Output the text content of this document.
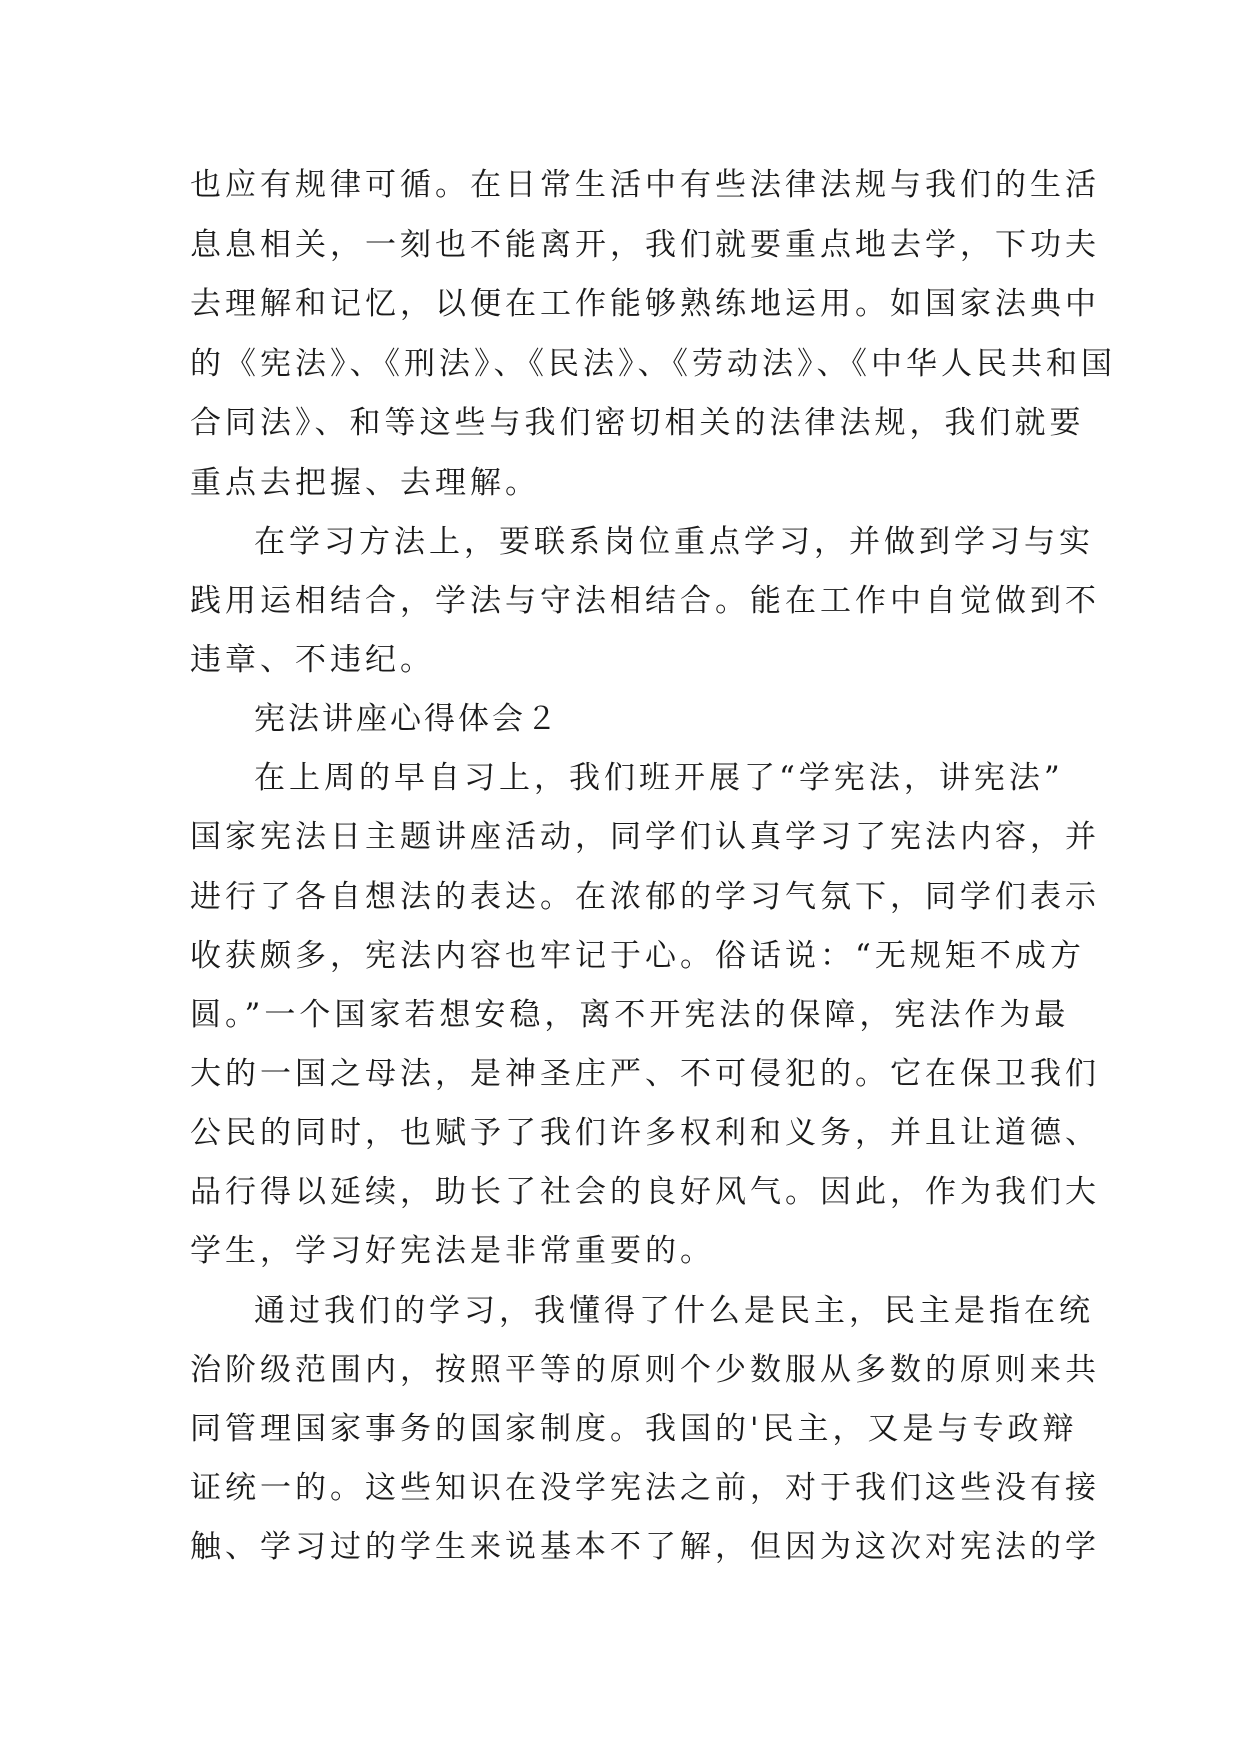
也应有规律可循。在日常生活中有些法律法规与我们的生活
息息相关，一刻也不能离开，我们就要重点地去学，下功夫
去理解和记忆，以便在工作能够熟练地运用。如国家法典中
的《宪法》、《刑法》、《民法》、《劳动法》、《中华人民共和国
合同法》、和等这些与我们密切相关的法律法规，我们就要
重点去把握、去理解。
在学习方法上，要联系岗位重点学习，并做到学习与实
践用运相结合，学法与守法相结合。能在工作中自觉做到不
违章、不违纪。
宪法讲座心得体会２
在上周的早自习上，我们班开展了“学宪法，讲宪法”
国家宪法日主题讲座活动，同学们认真学习了宪法内容，并
进行了各自想法的表达。在浓郁的学习气氛下，同学们表示
收获颇多，宪法内容也牢记于心。俗话说：“无规矩不成方
圆。”一个国家若想安稳，离不开宪法的保障，宪法作为最
大的一国之母法，是神圣庄严、不可侵犯的。它在保卫我们
公民的同时，也赋予了我们许多权利和义务，并且让道德、
品行得以延续，助长了社会的良好风气。因此，作为我们大
学生，学习好宪法是非常重要的。
通过我们的学习，我懂得了什么是民主，民主是指在统
治阶级范围内，按照平等的原则个少数服从多数的原则来共
同管理国家事务的国家制度。我国的'民主，又是与专政辩
证统一的。这些知识在没学宪法之前，对于我们这些没有接
触、学习过的学生来说基本不了解，但因为这次对宪法的学
